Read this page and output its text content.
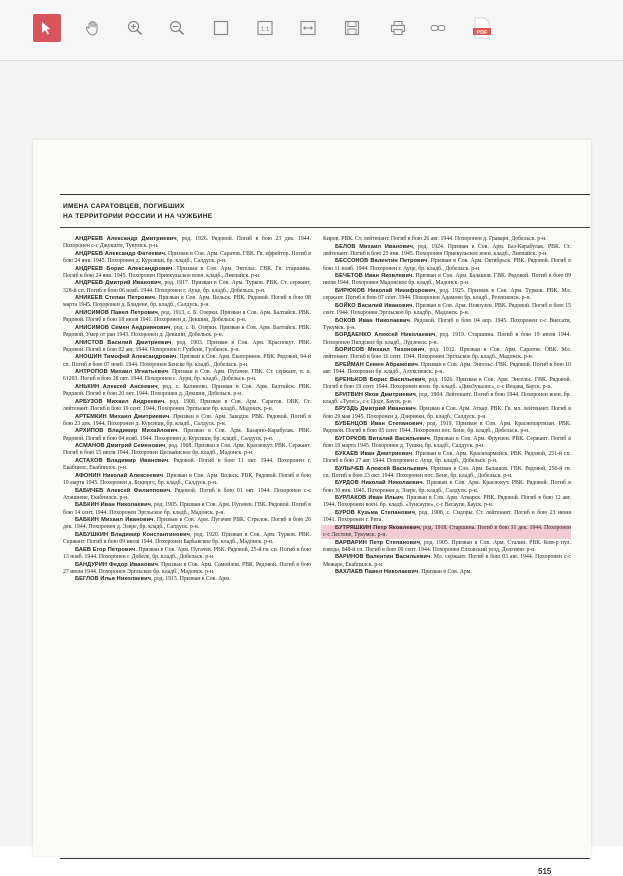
1:1	PDF
ИМЕНА САРАТОВЦЕВ, ПОГИБШИХ
НА ТЕРРИТОРИИ РОССИИ И НА ЧУЖБИНЕ
АНДРЕЕВ Александр Дмитриевич, род. 1926. Рядовой. Погиб в бою 23 дек. 1944. Похоронен с-с Джукште, Тукумск. р-н.
АНДРЕЕВ Александр Фатеевич. Призван в Сов. Арм. Саратов. ГВК. Гв. ефрейтор. Погиб в бою 24 янв. 1945. Похоронен д. Курсиши, бр. кладб., Салдуск. р-н.
АНДРЕЕВ Борис Александрович. Призван в Сов. Арм. Энгельс. ГВК. Гв. старшина. Погиб в бою 24 янв. 1945. Похоронен Приекульское воен. кладб., Лиепайск. р-н.
АНДРЕЕВ Дмитрий Иванович, род. 1917. Призван в Сов. Арм. Турков. РВК. Ст. сержант, 328-й сп. Погиб в бою 06 нояб. 1944. Похоронен г. Ауце, бр. кладб., Добельск. р-н.
АНИКЕЕВ Степан Петрович. Призван в Сов. Арм. Вольск. РВК. Рядовой. Погиб в бою 08 марта 1945. Похоронен д. Блидене, бр. кладб., Салдуск. р-н.
АНИСИМОВ Павел Петрович, род. 1913, с. Б. Озерки. Призван в Сов. Арм. Балтайск. РВК. Рядовой. Погиб в бою 18 июля 1941. Похоронен д. Декшни, Добельск. р-н.
АНИСИМОВ Семен Андриянович, род. с. Б. Озерки. Призван в Сов. Арм. Балтайск. РВК. Рядовой. Умер от ран 1943. Похоронен д. Декшни, Добельск. р-н.
АНИСТОВ Василий Дмитриевич, род. 1903. Призван в Сов. Арм. Краснокут. РВК. Рядовой. Погиб в бою 02 авг. 1944. Похоронен г. Гулбене, Гулбенск. р-н.
АНОШИН Тимофей Александрович. Призван в Сов. Арм. Екатериное. РВК. Рядовой, 94-й сп. Погиб в бою 07 нояб. 1944. Похоронен Бенске бр. кладб., Добельск. р-н.
АНТРОПОВ Михаил Игнатьевич. Призван в Сов. Арм. Пугачев. ГВК. Ст. сержант, п. п. 61203. Погиб в бою 28 окт. 1944. Похоронен с. Аури, бр. кладб., Добельск. р-н.
АНЬКИН Алексей Ансеевич, род. с. Калиново. Призван в Сов. Арм. Балтайск. РВК. Рядовой. Погиб в бою 20 окт. 1944. Похоронен д. Декшни, Добельск. р-н.
АРБУЗОВ Михаил Андреевич, род. 1908. Призван в Сов. Арм. Саратов. ОВК. Ст. лейтенант. Погиб в бою 19 сент. 1944. Похоронен Эргльское бр. кладб., Мадонск. р-н.
АРТЕМКИН Михаил Дмитриевич. Призван в Сов. Арм. Заводск. РВК. Рядовой. Погиб в бою 23 дек. 1944. Похоронен д. Курсиши, бр. кладб., Салдуск. р-н.
АРХИПОВ Владимир Михайлович. Призван в Сов. Арм. Базарно-Карабулак. РВК. Рядовой. Погиб в бою 04 нояб. 1944. Похоронен д. Курсиши, бр. кладб., Салдуск. р-н.
АСМАНОВ Дмитрий Семенович, род. 1908. Призван в Сов. Арм. Краснокут. РВК. Сержант. Погиб в бою 15 июля 1944. Похоронен Цесвайнское бр. кладб., Мадонск. р-н.
АСТАХОВ Владимир Иванович. Рядовой. Погиб в бою 11 окт. 1944. Похоронен г. Екабпилс, Екабпилск. р-н.
АФОНИН Николай Алексеевич. Призван в Сов. Арм. Вольск. РВК. Рядовой. Погиб в бою 19 марта 1945. Похоронен д. Бскюргс, бр. кладб., Салдуск. р-н.
БАБИЧЕВ Алексей Филиппович. Рядовой. Погиб в бою 01 окт. 1944. Похоронен с-с Аташиене, Екабпилск. р-н.
БАБКИН Иван Николаевич, род. 1905. Призван в Сов. Арм. Пугачев. ГВК. Рядовой. Погиб в бою 14 сент. 1944. Похоронен Эргльское бр. кладб., Мадонск. р-н.
БАБКИН Михаил Иванович. Призван в Сов. Арм. Пугачев РВК. Стрелок. Погиб в бою 26 дек. 1944. Похоронен д. Эзере, бр. кладб., Салдуск. р-н.
БАБУШКИН Владимир Константинович, род. 1920. Призван в Сов. Арм. Турков. РВК. Сержант. Погиб в бою 09 июля 1944. Похоронен Барkавское бр. кладб., Мадонск. р-н.
БАЕВ Егор Петрович. Призван в Сов. Арм. Пугачев. РВК. Рядовой, 25-й гв. сп. Погиб в бою 13 нояб. 1944. Похоронен г. Добеле, бр. кладб., Добельск. р-н.
БАНДУРИН Федор Иванович. Призван в Сов. Арм. Самойлов. РВК. Рядовой. Погиб в бою 27 июля 1944. Похоронен Эргльское бр. кладб., Мадонск. р-н.
БЕГЛОВ Илья Николаевич, род. 1915. Призван в Сов. Арм.
Киров. РВК. Ст. лейтенант. Погиб в бою 26 авг. 1944. Похоронен д. Граварн, Добельск. р-н.
БЕЛОВ Михаил Иванович, род. 1924. Призван в Сов. Арм. Баз-Карабулак. РВК. Ст. лейтенант. Погиб в бою 25 янв. 1945. Похоронен Приекульское воен. кладб., Лиепайск. р-н.
БЕССОНОВ Валентин Петрович. Призван в Сов. Арм. Октябрьск. РВК. Рядовой. Погиб в бою 11 нояб. 1944. Похоронен г. Ауце, бр. кладб., Добельск. р-н.
БЕЧЕТОВ Иван Яковлевич. Призван в Сов. Арм. Балашов. ГВК. Рядовой. Погиб в бою 09 июля 1944. Похоронен Мадонское бр. кладб., Мадонск. р-н.
БИРЮКОВ Николай Никифорович, род. 1925. Призван в Сов. Арм. Турков. РВК. Мл. сержант. Погиб в бою 07 сент. 1944. Похоронен Адамово бр. кладб., Резекненск. р-н.
БОЙКО Василий Иванович. Призван в Сов. Арм. Новоузен. РВК. Рядовой. Погиб в бою 15 сент. 1944. Похоронен Эргльское бр. кладбр., Мадонск. р-н.
БОКОВ Иван Николаевич. Рядовой. Погиб в бою 04 апр. 1945. Похоронен с-с Виесати, Тукумск. р-н.
БОРДАЕНКО Алексей Николаевич, род. 1919. Старшина. Погиб в бою 19 июля 1944. Похоронен Пилдское бр. кладб., Лудзенск. р-н.
БОРИСОВ Михаил Тихонович, род. 1912. Призван в Сов. Арм. Саратов. ОВК. Мл. лейтенант. Погиб в бою 16 сент. 1944. Похоронен Эргльское бр. кладб., Мадонск. р-н.
БРЕЙМАН Семен Абрамович. Призван в Сов. Арм. Энгельс. ГВК. Рядовой. Погиб в бою 10 авг. 1944. Похоронен бр. кладб., Алуксненск. р-н.
БРЕНЬКОВ Борис Васильевич, род. 1926. Призван в Сов. Арм. Энгельс. ГВК. Рядовой. Погиб в бою 19 сент. 1944. Похоронен воен. бр. кладб. «Дим3укалнс», с-с Иецава, Бауск. р-н.
БРИТВИН Яков Дмитриевич, род. 1904. Лейтенант. Погиб в бою 1944. Похоронен воен. бр. кладб. «Тулес», с-с Цоде, Бауск. р-н.
БРУЗДЬ Дмитрий Иванович. Призван в Сов. Арм. Аткар. РВК. Гв. мл. лейтенант. Погиб в бою 29 мая 1945. Похоронен д. Дзириеки, бр. кладб., Салдуск. р-н.
БУБЕНЦОВ Иван Степанович, род. 1919. Призван в Сов. Арм. Краснопартизан. РВК. Рядовой. Погиб в бою 05 сент. 1944. Похоронен пос. Бене, бр. кладб., Добельск. р-н.
БУГОРКОВ Виталий Васильевич. Призван в Сов. Арм. Фрунзен. РВК. Сержант. Погиб в бою 19 марта 1945. Похоронен д. Тушки, бр. кладб., Салдуск. р-н.
БУКАЕВ Иван Дмитриевич. Призван в Сов. Арм. Красноармейск. РВК. Рядовой, 251-й сп. Погиб в бою 27 авг. 1944. Похоронен г. Ауце, бр. кладб., Добельск. р-н.
БУЛЫЧЕВ Алексей Васильевич. Призван в Сов. Арм. Балашов. ГВК. Рядовой, 256-й гв. сп. Погиб в бою 23 окт. 1944. Похоронен пос. Бене, бр. кладб., Добельск. р-н.
БУРДОВ Николай Николаевич. Призван в Сов. Арм. Краснокут. РВК. Рядовой. Погиб в бою 30 янв. 1945. Похоронен д. Эзере, бр. кладб., Салдуск. р-н.
БУРЛАКОВ Иван Ильич. Призван в Сов. Арм. Аткарск. РВК. Рядовой. Погиб в бою 12 авг. 1944. Похоронен воен. бр. кладб. «Зунсаупе», с-с Веcаупе, Бауск. р-н.
БУРОВ Кузьма Степанович, род. 1908, с. Сидоры. Ст. лейтенант. Погиб в бою 23 июня 1941. Похоронен г. Рига.
БУТРЯШКИН Петр Яковлевич, род. 1918. Старшина. Погиб в бою 31 дек. 1944. Похоронен с-с Лестене, Тукумск. р-н.
ВАРВАРИН Петр Степанович, род. 1905. Призван в Сов. Арм. Сталин. РВК. Ком-р пул. взвода, 848-й сп. Погиб в бою 09 сент. 1944. Похоронен Елховский уезд, Долгиенс р-н.
ВАРИНОВ Валентин Васильевич. Мл. сержант. Погиб в бою 03 авг. 1944. Похоронен с-с Межаре, Екабпилск. р-н.
ВАХЛАЕВ Павел Николаевич. Призван в Сов. Арм.
515
